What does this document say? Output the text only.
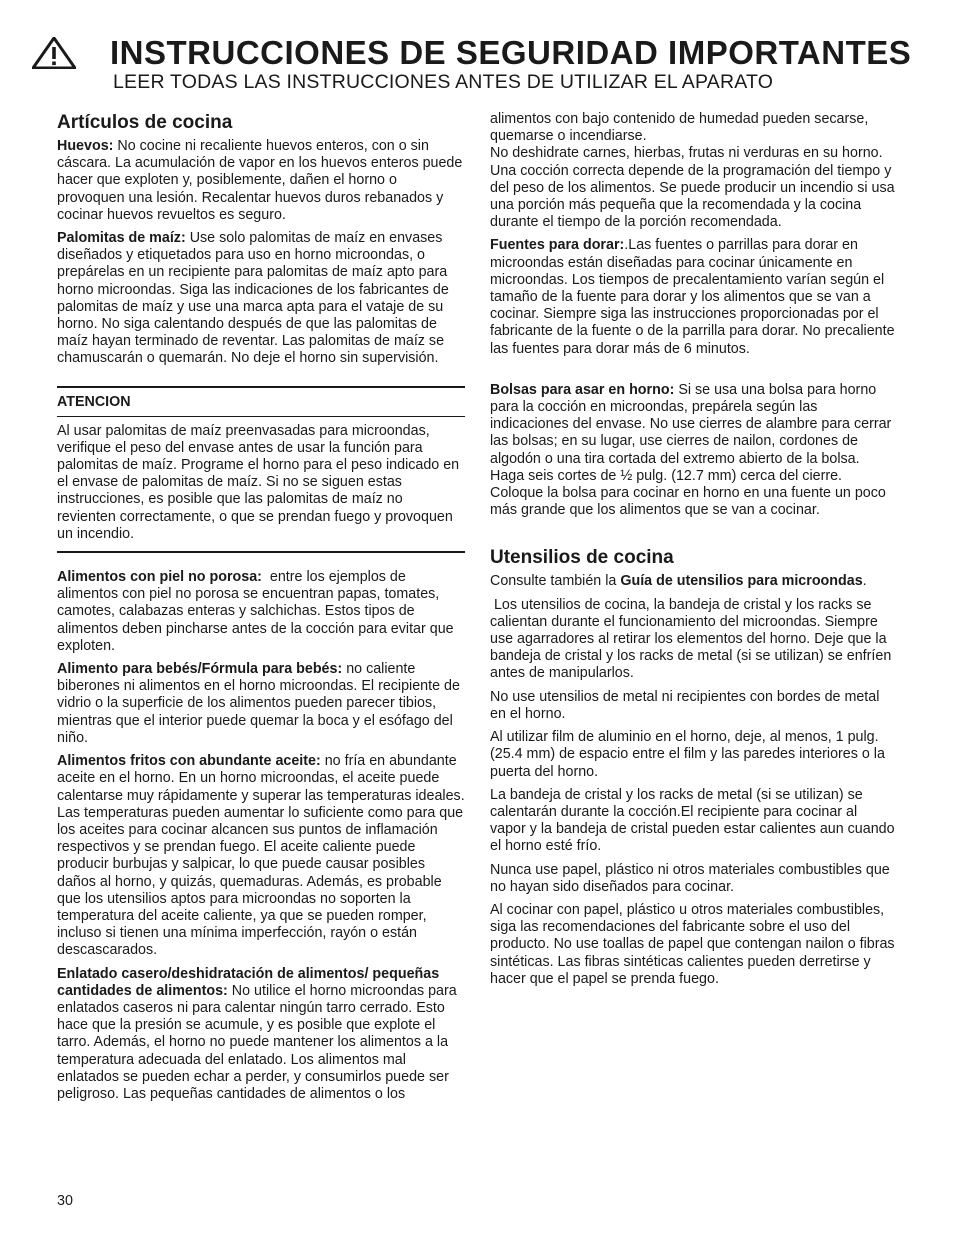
INSTRUCCIONES DE SEGURIDAD IMPORTANTES
LEER TODAS LAS INSTRUCCIONES ANTES DE UTILIZAR EL APARATO
Artículos de cocina

Huevos: No cocine ni recaliente huevos enteros, con o sin cáscara. La acumulación de vapor en los huevos enteros puede hacer que exploten y, posiblemente, dañen el horno o provoquen una lesión. Recalentar huevos duros rebanados y cocinar huevos revueltos es seguro.

Palomitas de maíz: Use solo palomitas de maíz en envases diseñados y etiquetados para uso en horno microondas, o prepárelas en un recipiente para palomitas de maíz apto para horno microondas. Siga las indicaciones de los fabricantes de palomitas de maíz y use una marca apta para el vataje de su horno. No siga calentando después de que las palomitas de maíz hayan terminado de reventar. Las palomitas de maíz se chamuscarán o quemarán. No deje el horno sin supervisión.

ATENCION

Al usar palomitas de maíz preenvasadas para microondas, verifique el peso del envase antes de usar la función para palomitas de maíz. Programe el horno para el peso indicado en el envase de palomitas de maíz. Si no se siguen estas instrucciones, es posible que las palomitas de maíz no revienten correctamente, o que se prendan fuego y provoquen un incendio.

Alimentos con piel no porosa:  entre los ejemplos de alimentos con piel no porosa se encuentran papas, tomates, camotes, calabazas enteras y salchichas. Estos tipos de alimentos deben pincharse antes de la cocción para evitar que exploten.

Alimento para bebés/Fórmula para bebés: no caliente biberones ni alimentos en el horno microondas. El recipiente de vidrio o la superficie de los alimentos pueden parecer tibios, mientras que el interior puede quemar la boca y el esófago del niño.

Alimentos fritos con abundante aceite: no fría en abundante aceite en el horno. En un horno microondas, el aceite puede calentarse muy rápidamente y superar las temperaturas ideales. Las temperaturas pueden aumentar lo suficiente como para que los aceites para cocinar alcancen sus puntos de inflamación respectivos y se prendan fuego. El aceite caliente puede producir burbujas y salpicar, lo que puede causar posibles daños al horno, y quizás, quemaduras. Además, es probable que los utensilios aptos para microondas no soporten la temperatura del aceite caliente, ya que se pueden romper, incluso si tienen una mínima imperfección, rayón o están descascarados.

Enlatado casero/deshidratación de alimentos/ pequeñas cantidades de alimentos: No utilice el horno microondas para enlatados caseros ni para calentar ningún tarro cerrado. Esto hace que la presión se acumule, y es posible que explote el tarro. Además, el horno no puede mantener los alimentos a la temperatura adecuada del enlatado. Los alimentos mal enlatados se pueden echar a perder, y consumirlos puede ser peligroso. Las pequeñas cantidades de alimentos o los

alimentos con bajo contenido de humedad pueden secarse, quemarse o incendiarse.

No deshidrate carnes, hierbas, frutas ni verduras en su horno.

Una cocción correcta depende de la programación del tiempo y del peso de los alimentos. Se puede producir un incendio si usa una porción más pequeña que la recomendada y la cocina durante el tiempo de la porción recomendada.

Fuentes para dorar:.Las fuentes o parrillas para dorar en microondas están diseñadas para cocinar únicamente en microondas. Los tiempos de precalentamiento varían según el tamaño de la fuente para dorar y los alimentos que se van a cocinar. Siempre siga las instrucciones proporcionadas por el fabricante de la fuente o de la parrilla para dorar. No precaliente las fuentes para dorar más de 6 minutos.

Bolsas para asar en horno: Si se usa una bolsa para horno para la cocción en microondas, prepárela según las indicaciones del envase. No use cierres de alambre para cerrar las bolsas; en su lugar, use cierres de nailon, cordones de algodón o una tira cortada del extremo abierto de la bolsa. Haga seis cortes de ½ pulg. (12.7 mm) cerca del cierre. Coloque la bolsa para cocinar en horno en una fuente un poco más grande que los alimentos que se van a cocinar.

Utensilios de cocina

Consulte también la Guía de utensilios para microondas.

Los utensilios de cocina, la bandeja de cristal y los racks se calientan durante el funcionamiento del microondas. Siempre use agarradores al retirar los elementos del horno. Deje que la bandeja de cristal y los racks de metal (si se utilizan) se enfríen antes de manipularlos.

No use utensilios de metal ni recipientes con bordes de metal en el horno.

Al utilizar film de aluminio en el horno, deje, al menos, 1 pulg. (25.4 mm) de espacio entre el film y las paredes interiores o la puerta del horno.

La bandeja de cristal y los racks de metal (si se utilizan) se calentarán durante la cocción.El recipiente para cocinar al vapor y la bandeja de cristal pueden estar calientes aun cuando el horno esté frío.

Nunca use papel, plástico ni otros materiales combustibles que no hayan sido diseñados para cocinar.

Al cocinar con papel, plástico u otros materiales combustibles, siga las recomendaciones del fabricante sobre el uso del producto. No use toallas de papel que contengan nailon o fibras sintéticas. Las fibras sintéticas calientes pueden derretirse y hacer que el papel se prenda fuego.

30
